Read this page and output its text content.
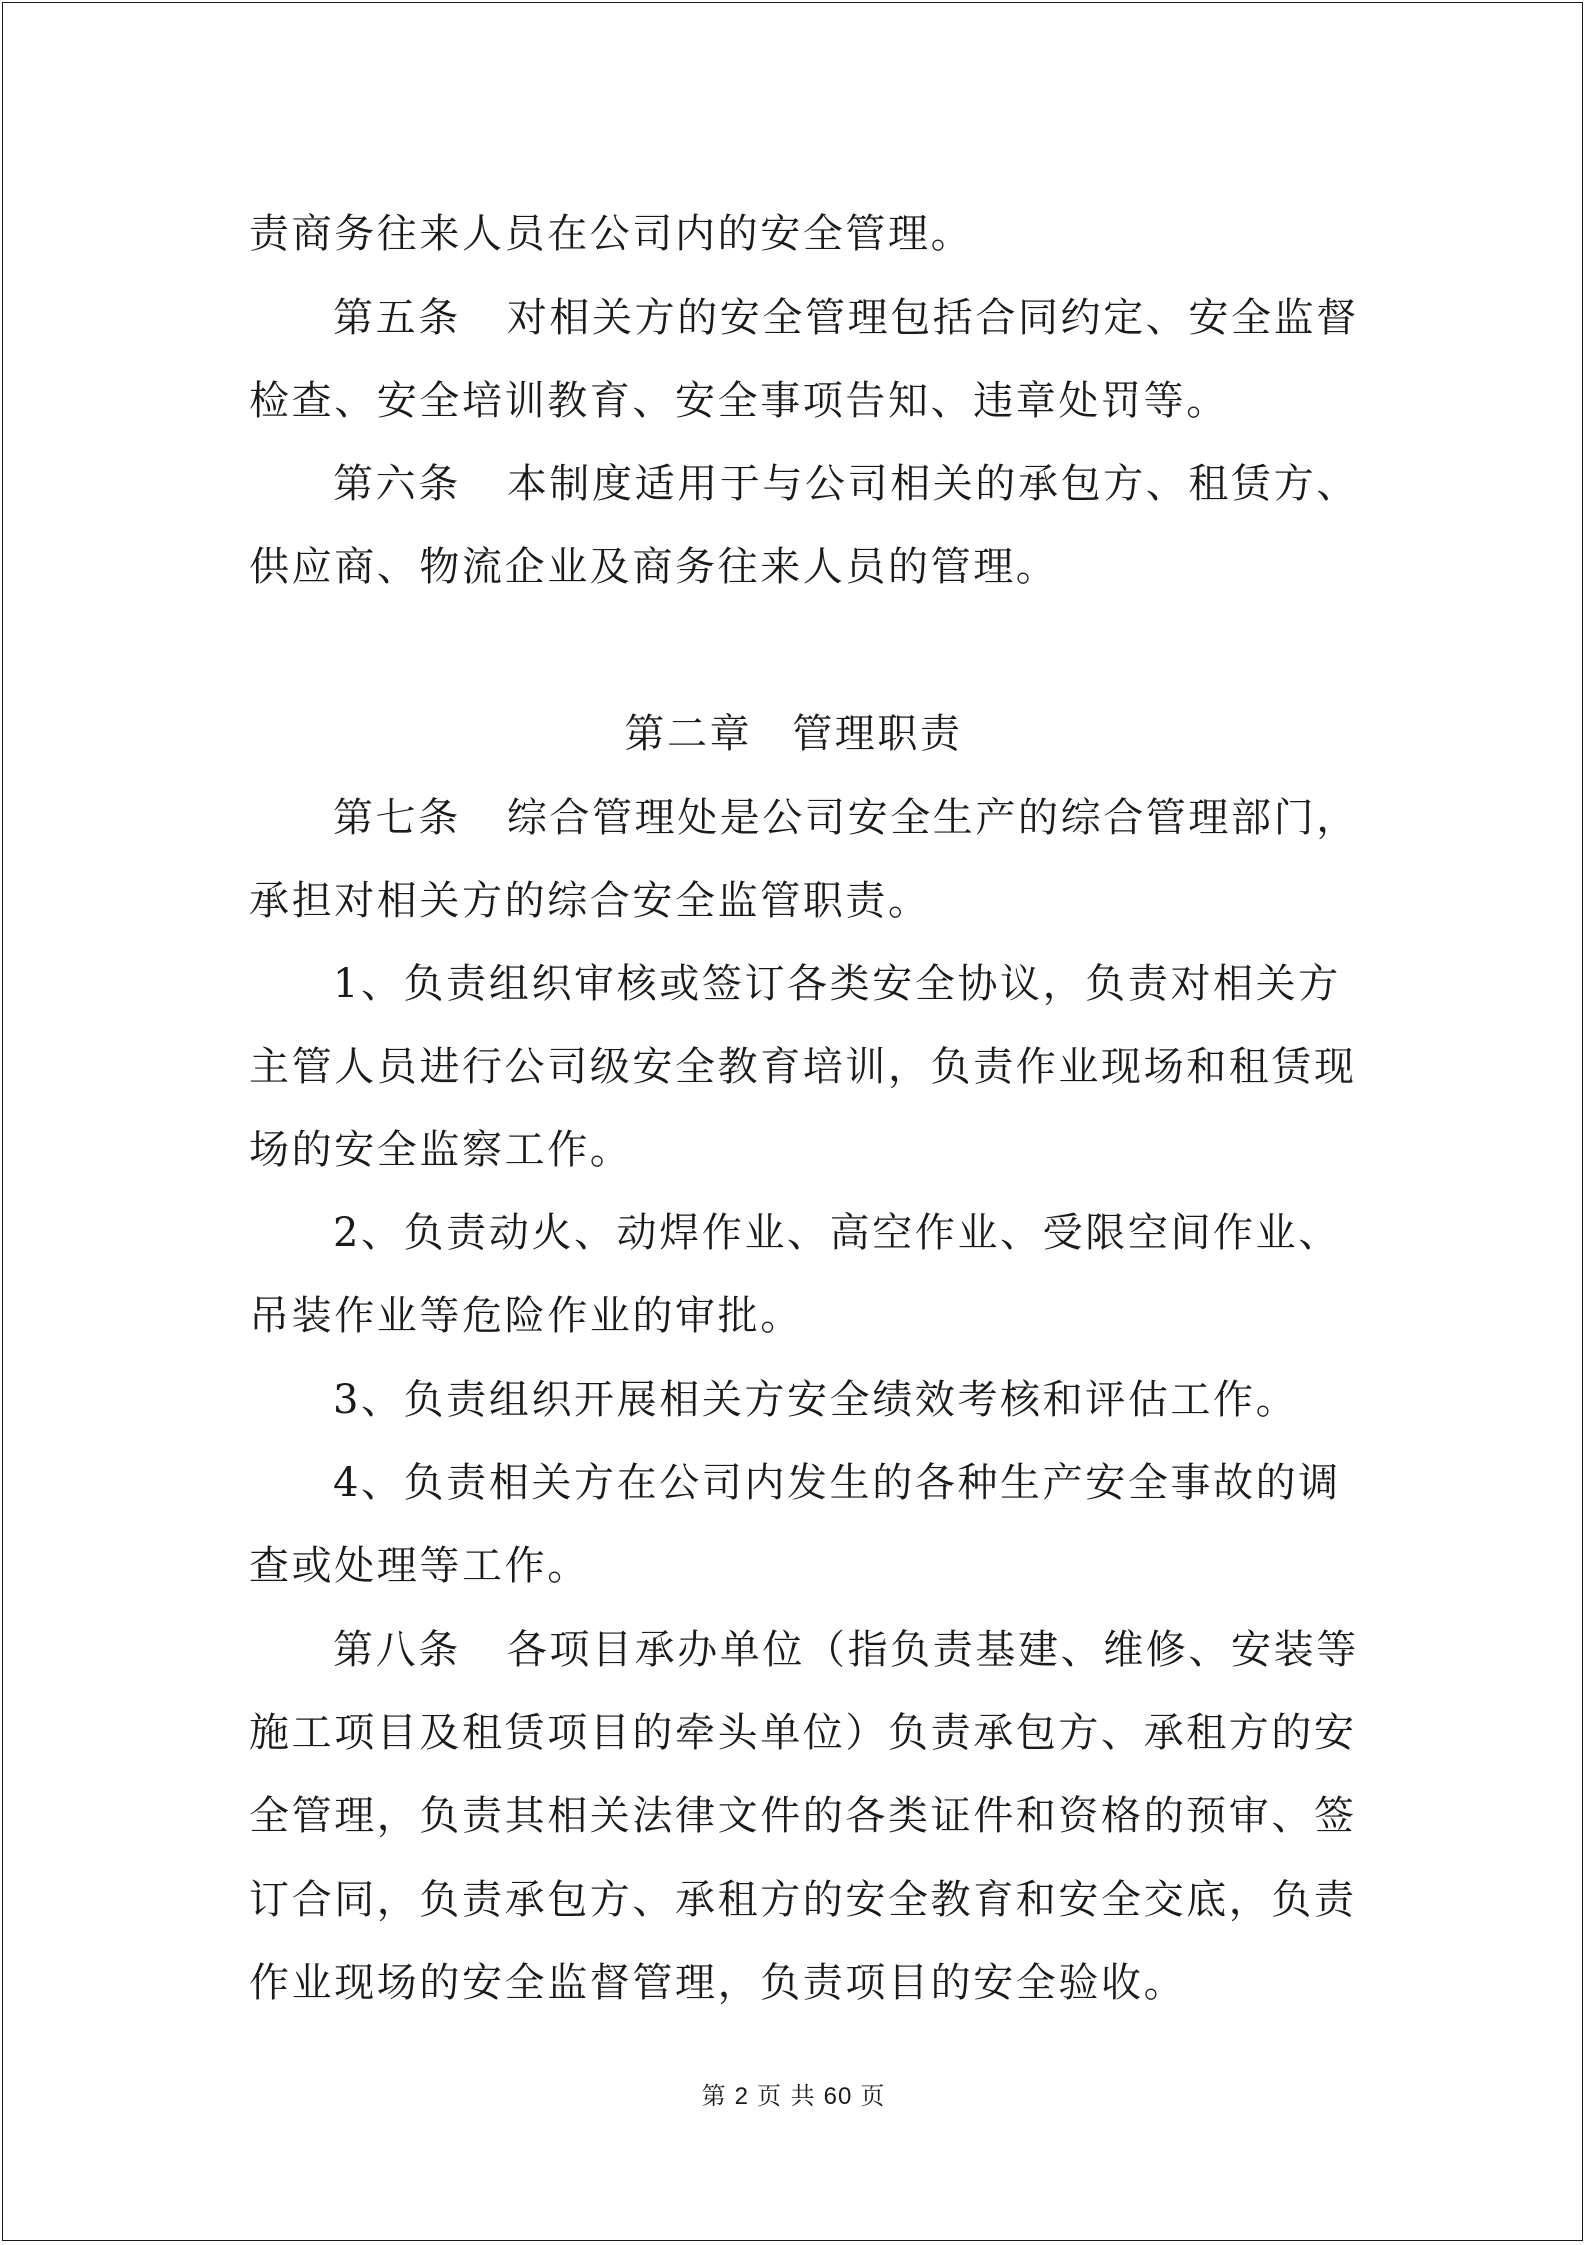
责商务往来人员在公司内的安全管理。
第五条 对相关方的安全管理包括合同约定、安全监督
检查、安全培训教育、安全事项告知、违章处罚等。
第六条 本制度适用于与公司相关的承包方、租赁方、
供应商、物流企业及商务往来人员的管理。
第二章 管理职责
第七条 综合管理处是公司安全生产的综合管理部门，
承担对相关方的综合安全监管职责。
1、负责组织审核或签订各类安全协议，负责对相关方
主管人员进行公司级安全教育培训，负责作业现场和租赁现
场的安全监察工作。
2、负责动火、动焊作业、高空作业、受限空间作业、
吊装作业等危险作业的审批。
3、负责组织开展相关方安全绩效考核和评估工作。
4、负责相关方在公司内发生的各种生产安全事故的调
查或处理等工作。
第八条 各项目承办单位（指负责基建、维修、安装等
施工项目及租赁项目的牵头单位）负责承包方、承租方的安
全管理，负责其相关法律文件的各类证件和资格的预审、签
订合同，负责承包方、承租方的安全教育和安全交底，负责
作业现场的安全监督管理，负责项目的安全验收。
第 2 页 共 60 页
